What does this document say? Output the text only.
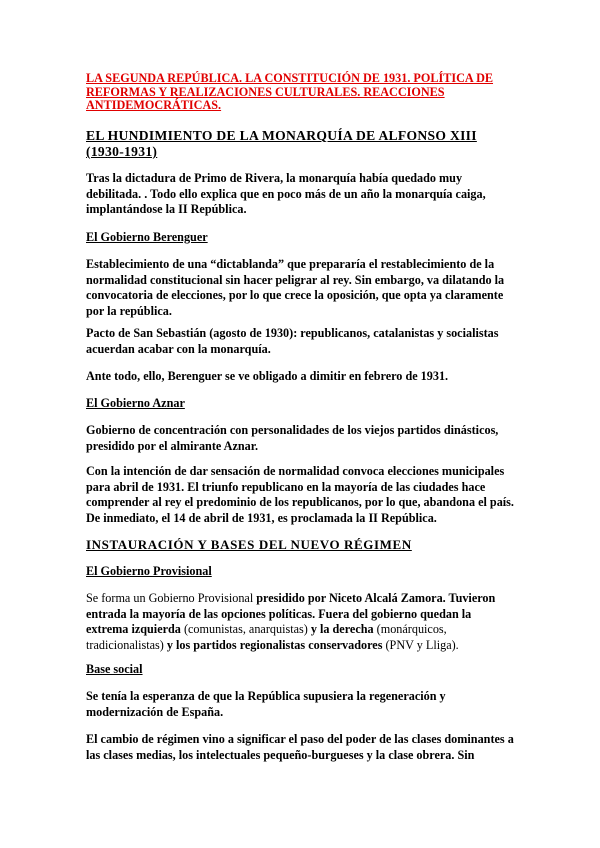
LA SEGUNDA REPÚBLICA. LA CONSTITUCIÓN DE 1931. POLÍTICA DE REFORMAS Y REALIZACIONES CULTURALES. REACCIONES ANTIDEMOCRÁTICAS.

EL HUNDIMIENTO DE LA MONARQUÍA DE ALFONSO XIII
(1930-1931)

Tras la dictadura de Primo de Rivera, la monarquía había quedado muy debilitada. . Todo ello explica que en poco más de un año la monarquía caiga, implantándose la II República.

El Gobierno Berenguer

Establecimiento de una “dictablanda” que prepararía el restablecimiento de la normalidad constitucional sin hacer peligrar al rey. Sin embargo, va dilatando la convocatoria de elecciones, por lo que crece la oposición, que opta ya claramente por la república.

Pacto de San Sebastián (agosto de 1930): republicanos, catalanistas y socialistas acuerdan acabar con la monarquía.

Ante todo, ello, Berenguer se ve obligado a dimitir en febrero de 1931.

El Gobierno Aznar

Gobierno de concentración con personalidades de los viejos partidos dinásticos, presidido por el almirante Aznar.

Con la intención de dar sensación de normalidad convoca elecciones municipales para abril de 1931. El triunfo republicano en la mayoría de las ciudades hace comprender al rey el predominio de los republicanos, por lo que, abandona el país. De inmediato, el 14 de abril de 1931, es proclamada la II República.

INSTAURACIÓN Y BASES DEL NUEVO RÉGIMEN

El Gobierno Provisional

Se forma un Gobierno Provisional presidido por Niceto Alcalá Zamora. Tuvieron entrada la mayoría de las opciones políticas. Fuera del gobierno quedan la extrema izquierda (comunistas, anarquistas) y la derecha (monárquicos, tradicionalistas) y los partidos regionalistas conservadores (PNV y Lliga).

Base social

Se tenía la esperanza de que la República supusiera la regeneración y modernización de España.

El cambio de régimen vino a significar el paso del poder de las clases dominantes a las clases medias, los intelectuales pequeño-burgueses y la clase obrera. Sin
